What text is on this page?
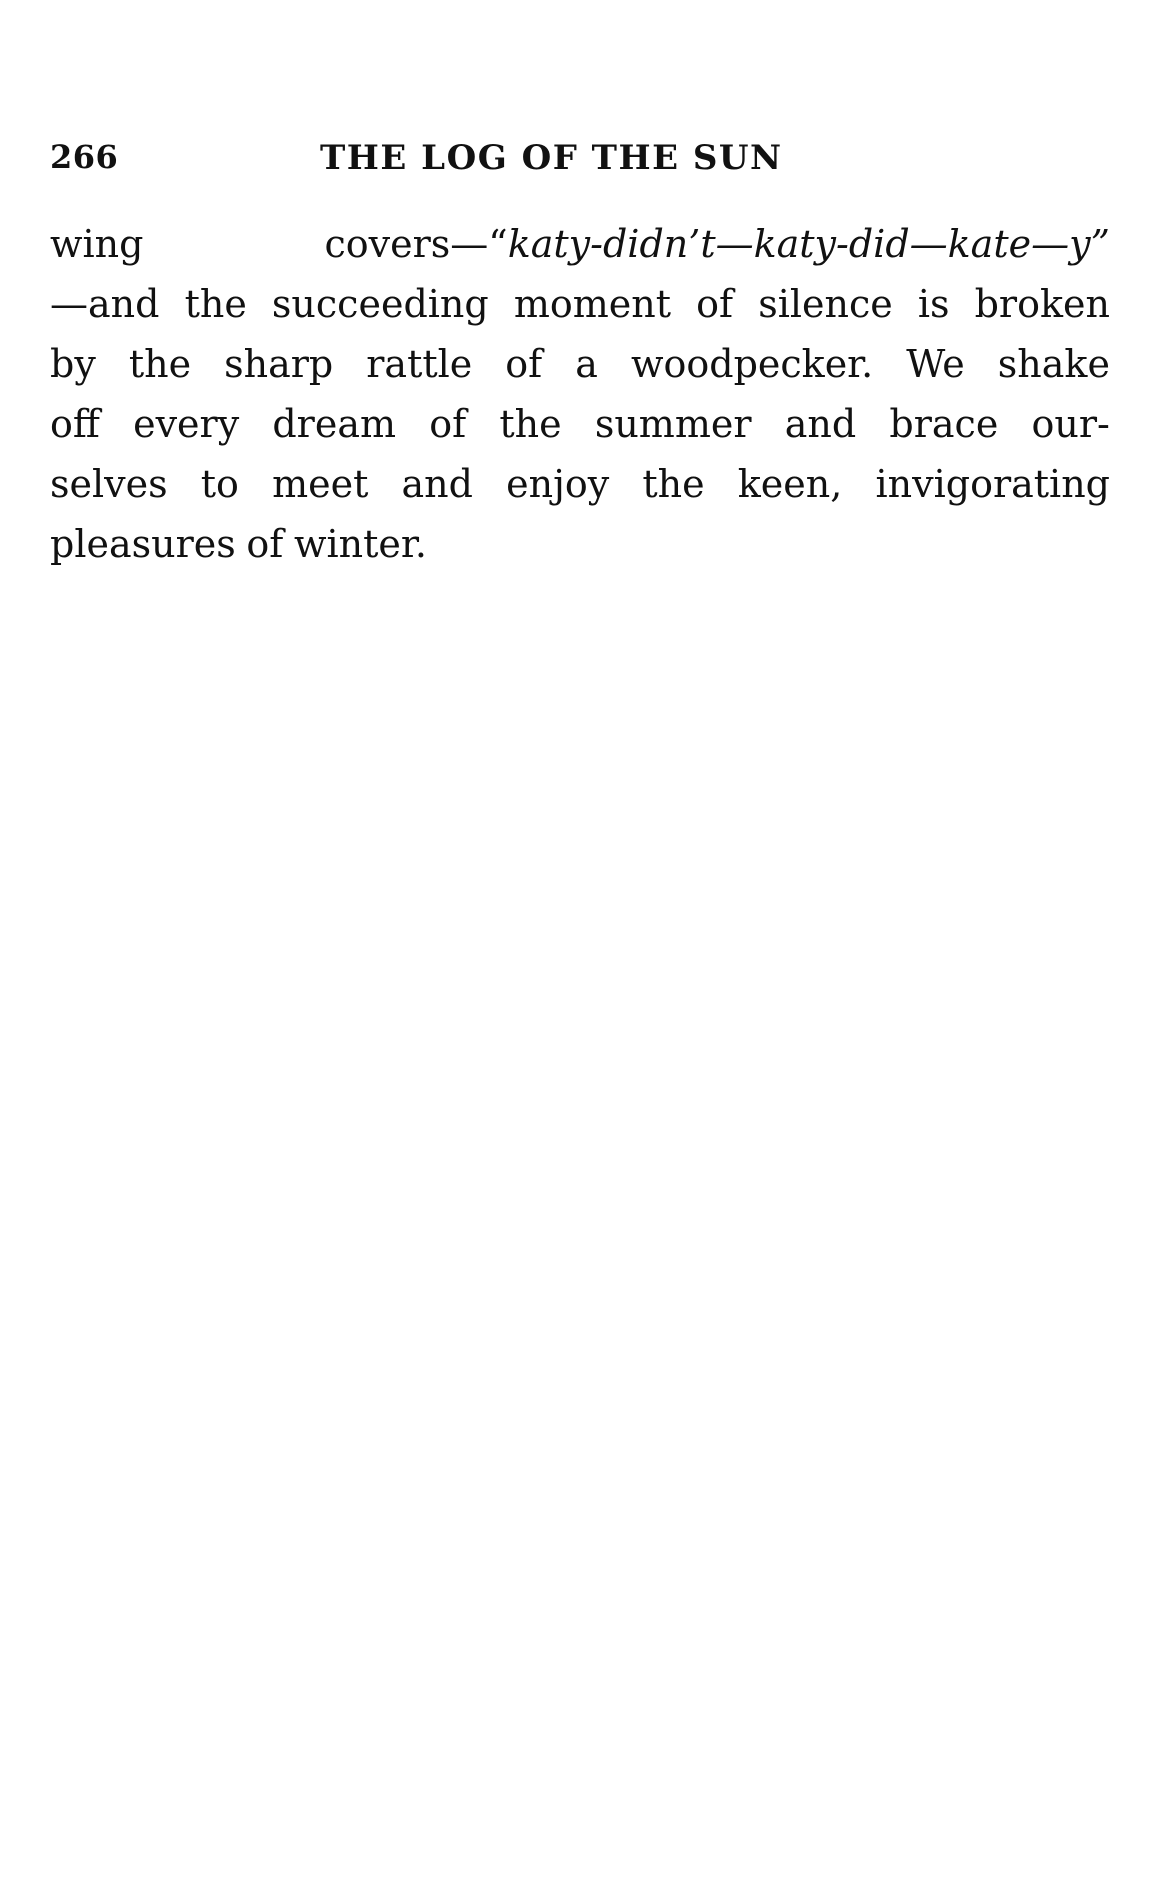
266	THE LOG OF THE SUN
wing	covers—“katy-didn’t—katy-did—kate—y”
—and the succeeding moment of silence is broken
by the sharp rattle of a woodpecker. We shake
off every dream of the summer and brace our-
selves to meet and enjoy the keen, invigorating
pleasures of winter.
